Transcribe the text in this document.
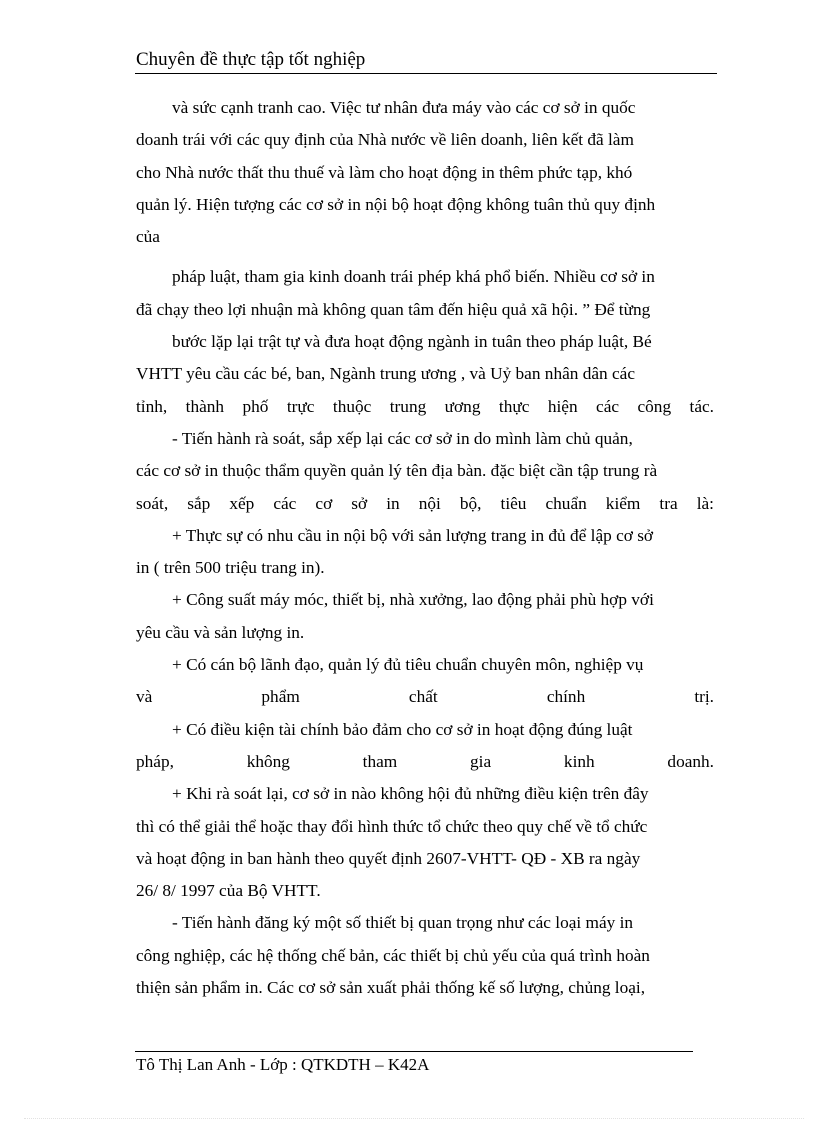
Chuyên đề thực tập tốt nghiệp
và sức cạnh tranh cao. Việc tư nhân đưa máy vào các cơ sở in quốc
doanh trái với các quy định của Nhà nước về liên doanh, liên kết đã làm
cho Nhà nước thất thu thuế và làm cho hoạt động in thêm phức tạp, khó
quản lý. Hiện tượng các cơ sở in nội bộ hoạt động không tuân thủ quy định
của
pháp luật, tham gia kinh doanh trái phép khá phổ biến. Nhiều cơ sở in
đã chạy theo lợi nhuận mà không quan tâm đến hiệu quả xã hội. ” Để từng
bước lặp lại trật tự và đưa hoạt động ngành in tuân theo pháp luật, Bé
VHTT yêu cầu các bé, ban, Ngành trung ương , và Uỷ ban nhân dân các
tỉnh, thành phố trực thuộc trung ương thực hiện các công tác.
- Tiến hành rà soát, sắp xếp lại các cơ sở in do mình làm chủ quản,
các cơ sở in thuộc thẩm quyền quản lý tên địa bàn. đặc biệt cần tập trung rà
soát, sắp xếp các cơ sở in nội bộ, tiêu chuẩn kiểm tra là:
+ Thực sự có nhu cầu in nội bộ với sản lượng trang in đủ để lập cơ sở
in ( trên 500 triệu trang in).
+ Công suất máy móc, thiết bị, nhà xưởng, lao động phải phù hợp với
yêu cầu và sản lượng in.
+ Có cán bộ lãnh đạo, quản lý đủ tiêu chuẩn chuyên môn, nghiệp vụ
và phẩm chất chính trị.
+ Có điều kiện tài chính bảo đảm cho cơ sở in hoạt động đúng luật
pháp, không tham gia kinh doanh.
+ Khi rà soát lại, cơ sở in nào không hội đủ những điều kiện trên đây
thì có thể giải thể hoặc thay đổi hình thức tổ chức theo quy chế về tổ chức
và hoạt động in ban hành theo quyết định 2607-VHTT- QĐ - XB ra ngày
26/ 8/ 1997 của Bộ VHTT.
- Tiến hành đăng ký một số thiết bị quan trọng như các loại máy in
công nghiệp, các hệ thống chế bản, các thiết bị chủ yếu của quá trình hoàn
thiện sản phẩm in. Các cơ sở sản xuất phải thống kế số lượng, chủng loại,
Tô Thị Lan Anh - Lớp : QTKDTH – K42A
